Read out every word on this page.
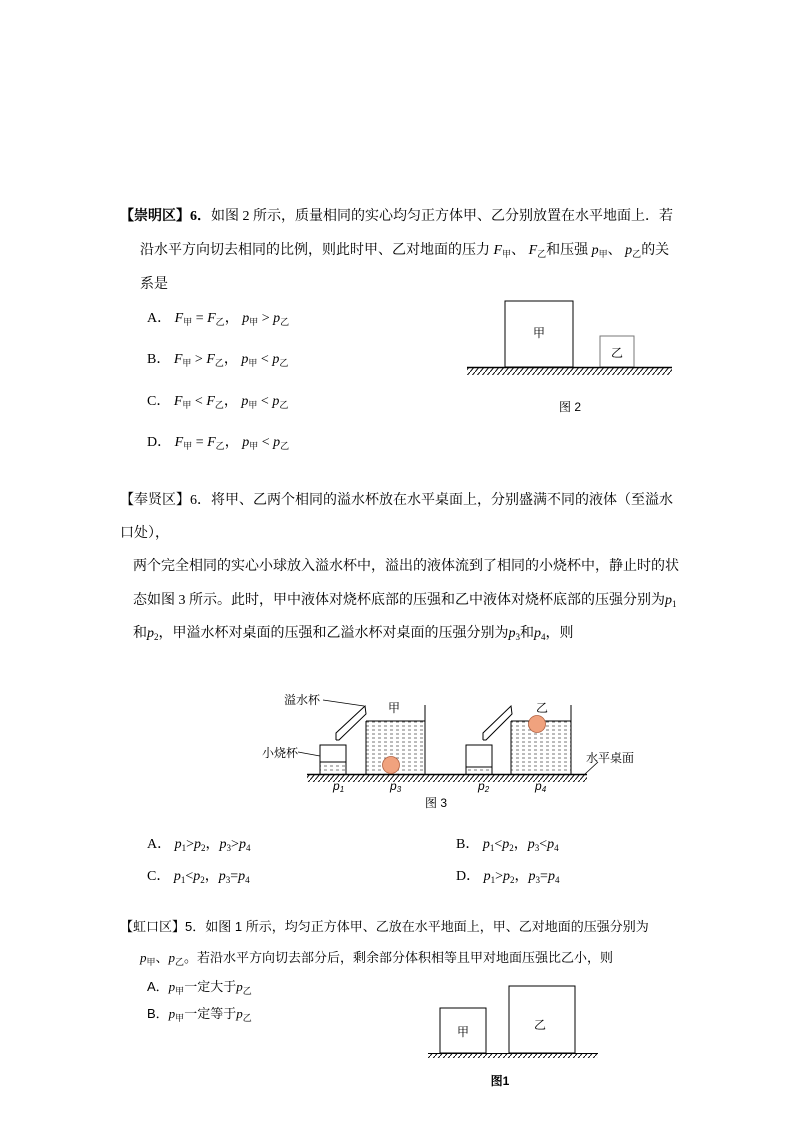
【崇明区】6．如图 2 所示，质量相同的实心均匀正方体甲、乙分别放置在水平地面上．若
沿水平方向切去相同的比例，则此时甲、乙对地面的压力 $F_甲$、 $F_乙$和压强 $p_甲$、 $p_乙$的关
系是
A． $F_甲 = F_乙$， $p_甲 > p_乙$
B． $F_甲 > F_乙$， $p_甲 < p_乙$
C． $F_甲 < F_乙$， $p_甲 < p_乙$
D． $F_甲 = F_乙$， $p_甲 < p_乙$
【奉贤区】6．将甲、乙两个相同的溢水杯放在水平桌面上，分别盛满不同的液体（至溢水
口处），
两个完全相同的实心小球放入溢水杯中，溢出的液体流到了相同的小烧杯中，静止时的状
态如图 3 所示。此时，甲中液体对烧杯底部的压强和乙中液体对烧杯底部的压强分别为$p_1$
和$p_2$，甲溢水杯对桌面的压强和乙溢水杯对桌面的压强分别为$p_3$和$p_4$，则
A． $p_1>p_2$，$p_3>p_4$	B． $p_1<p_2$，$p_3<p_4$
C． $p_1<p_2$，$p_3=p_4$	D． $p_1>p_2$，$p_3=p_4$
【虹口区】5．如图 1 所示，均匀正方体甲、乙放在水平地面上，甲、乙对地面的压强分别为
$p_甲$、$p_乙$。若沿水平方向切去部分后，剩余部分体积相等且甲对地面压强比乙小，则
A．$p_甲$一定大于$p_乙$
B．$p_甲$一定等于$p_乙$
甲
乙
图 2
溢水杯
甲	乙
小烧杯	水平桌面
p1	p3	p2	p4
图 3
甲	乙
图1
